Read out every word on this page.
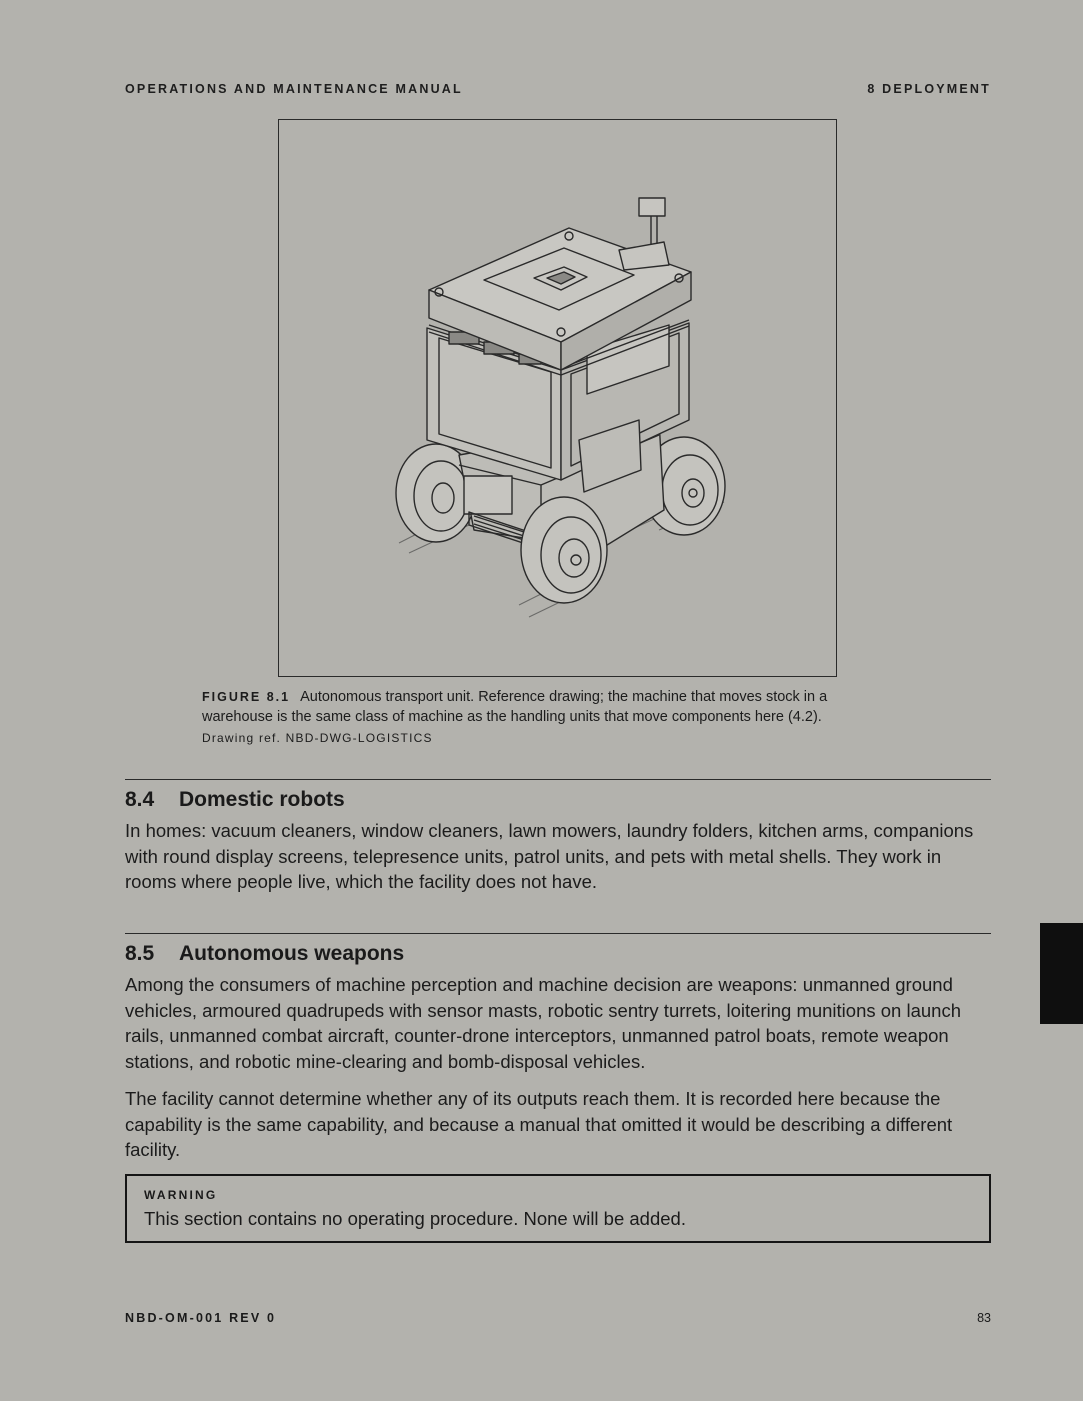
OPERATIONS AND MAINTENANCE MANUAL	8 DEPLOYMENT
FIGURE 8.1 Autonomous transport unit. Reference drawing; the machine that moves stock in a warehouse is the same class of machine as the handling units that move components here (4.2).
Drawing ref. NBD-DWG-LOGISTICS
8.4 Domestic robots

In homes: vacuum cleaners, window cleaners, lawn mowers, laundry folders, kitchen arms, companions with round display screens, telepresence units, patrol units, and pets with metal shells. They work in rooms where people live, which the facility does not have.

8.5 Autonomous weapons

Among the consumers of machine perception and machine decision are weapons: unmanned ground vehicles, armoured quadrupeds with sensor masts, robotic sentry turrets, loitering munitions on launch rails, unmanned combat aircraft, counter-drone interceptors, unmanned patrol boats, remote weapon stations, and robotic mine-clearing and bomb-disposal vehicles.

The facility cannot determine whether any of its outputs reach them. It is recorded here because the capability is the same capability, and because a manual that omitted it would be describing a different facility.

WARNING
This section contains no operating procedure. None will be added.
NBD-OM-001 REV 0	83
